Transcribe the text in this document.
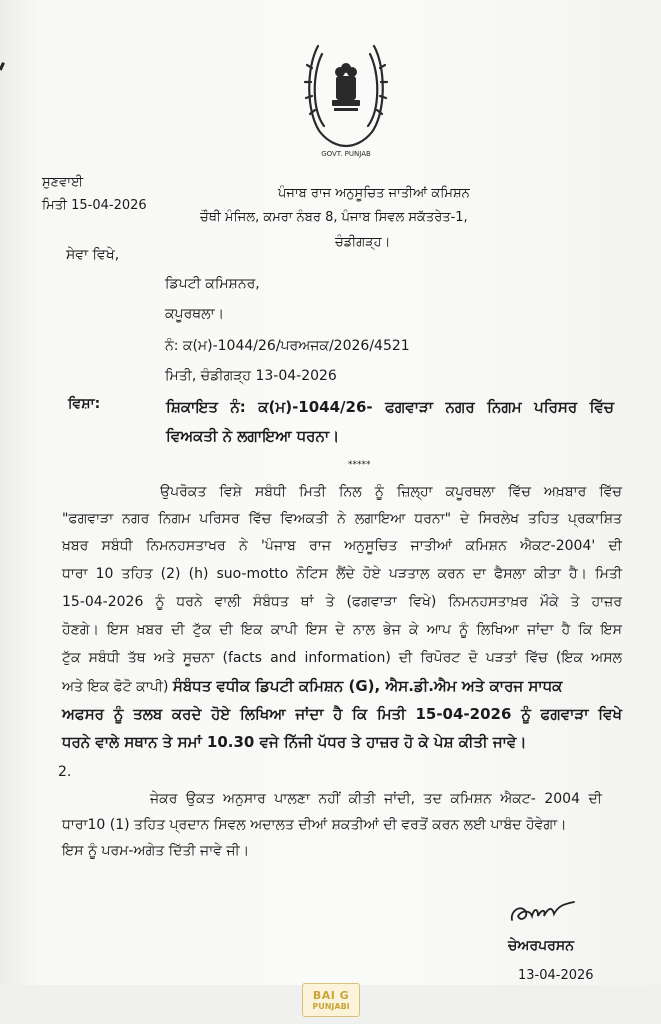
GOVT. PUNJAB
ਸੁਣਵਾਈ
ਮਿਤੀ 15-04-2026
ਪੰਜਾਬ ਰਾਜ ਅਨੁਸੂਚਿਤ ਜਾਤੀਆਂ ਕਮਿਸ਼ਨ
ਚੌਥੀ ਮੰਜਿਲ, ਕਮਰਾ ਨੰਬਰ 8, ਪੰਜਾਬ ਸਿਵਲ ਸਕੱਤਰੇਤ-1,
ਚੰਡੀਗੜ੍ਹ।
ਸੇਵਾ ਵਿਖੇ,
ਡਿਪਟੀ ਕਮਿਸ਼ਨਰ,
ਕਪੂਰਥਲਾ।
ਨੰ: ਕ(ਮ)-1044/26/ਪਰਅਜਕ/2026/4521
ਮਿਤੀ, ਚੰਡੀਗੜ੍ਹ 13-04-2026
ਵਿਸ਼ਾ:	ਸ਼ਿਕਾਇਤ ਨੰ: ਕ(ਮ)-1044/26- ਫਗਵਾੜਾ ਨਗਰ ਨਿਗਮ ਪਰਿਸਰ ਵਿੱਚ
ਵਿਅਕਤੀ ਨੇ ਲਗਾਇਆ ਧਰਨਾ।
*****
ਉਪਰੋਕਤ ਵਿਸ਼ੇ ਸਬੰਧੀ ਮਿਤੀ ਨਿਲ ਨੂੰ ਜ਼ਿਲ੍ਹਾ ਕਪੂਰਥਲਾ ਵਿੱਚ ਅਖ਼ਬਾਰ ਵਿੱਚ
"ਫਗਵਾੜਾ ਨਗਰ ਨਿਗਮ ਪਰਿਸਰ ਵਿੱਚ ਵਿਅਕਤੀ ਨੇ ਲਗਾਇਆ ਧਰਨਾ" ਦੇ ਸਿਰਲੇਖ ਤਹਿਤ ਪ੍ਰਕਾਸ਼ਿਤ
ਖ਼ਬਰ ਸਬੰਧੀ ਨਿਮਨਹਸਤਾਖਰ ਨੇ 'ਪੰਜਾਬ ਰਾਜ ਅਨੁਸੂਚਿਤ ਜਾਤੀਆਂ ਕਮਿਸ਼ਨ ਐਕਟ-2004' ਦੀ
ਧਾਰਾ 10 ਤਹਿਤ (2) (h) suo-motto ਨੋਟਿਸ ਲੈਂਦੇ ਹੋਏ ਪੜਤਾਲ ਕਰਨ ਦਾ ਫੈਸਲਾ ਕੀਤਾ ਹੈ। ਮਿਤੀ
15-04-2026 ਨੂੰ ਧਰਨੇ ਵਾਲੀ ਸੰਬੰਧਤ ਥਾਂ ਤੇ (ਫਗਵਾੜਾ ਵਿਖੇ) ਨਿਮਨਹਸਤਾਖ਼ਰ ਮੌਕੇ ਤੇ ਹਾਜ਼ਰ
ਹੋਣਗੇ। ਇਸ ਖ਼ਬਰ ਦੀ ਟੁੱਕ ਦੀ ਇਕ ਕਾਪੀ ਇਸ ਦੇ ਨਾਲ ਭੇਜ ਕੇ ਆਪ ਨੂੰ ਲਿਖਿਆ ਜਾਂਦਾ ਹੈ ਕਿ ਇਸ
ਟੁੱਕ ਸਬੰਧੀ ਤੱਥ ਅਤੇ ਸੂਚਨਾ (facts and information) ਦੀ ਰਿਪੋਰਟ ਦੋ ਪੜਤਾਂ ਵਿੱਚ (ਇਕ ਅਸਲ
ਅਤੇ ਇਕ ਫੋਟੋ ਕਾਪੀ) ਸੰਬੰਧਤ ਵਧੀਕ ਡਿਪਟੀ ਕਮਿਸ਼ਨ (G), ਐਸ.ਡੀ.ਐਮ ਅਤੇ ਕਾਰਜ ਸਾਧਕ
ਅਫਸਰ ਨੂੰ ਤਲਬ ਕਰਦੇ ਹੋਏ ਲਿਖਿਆ ਜਾਂਦਾ ਹੈ ਕਿ ਮਿਤੀ 15-04-2026 ਨੂੰ ਫਗਵਾੜਾ ਵਿਖੇ
ਧਰਨੇ ਵਾਲੇ ਸਥਾਨ ਤੇ ਸਮਾਂ 10.30 ਵਜੇ ਨਿੱਜੀ ਪੱਧਰ ਤੇ ਹਾਜ਼ਰ ਹੋ ਕੇ ਪੇਸ਼ ਕੀਤੀ ਜਾਵੇ।
2.
ਜੇਕਰ ਉਕਤ ਅਨੁਸਾਰ ਪਾਲਣਾ ਨਹੀਂ ਕੀਤੀ ਜਾਂਦੀ, ਤਦ ਕਮਿਸ਼ਨ ਐਕਟ- 2004 ਦੀ
ਧਾਰਾ10 (1) ਤਹਿਤ ਪ੍ਰਦਾਨ ਸਿਵਲ ਅਦਾਲਤ ਦੀਆਂ ਸ਼ਕਤੀਆਂ ਦੀ ਵਰਤੋਂ ਕਰਨ ਲਈ ਪਾਬੰਦ ਹੋਵੇਗਾ।
ਇਸ ਨੂੰ ਪਰਮ-ਅਗੇਤ ਦਿੱਤੀ ਜਾਵੇ ਜੀ।
ਚੇਅਰਪਰਸਨ
13-04-2026
BAI G
PUNJABI
